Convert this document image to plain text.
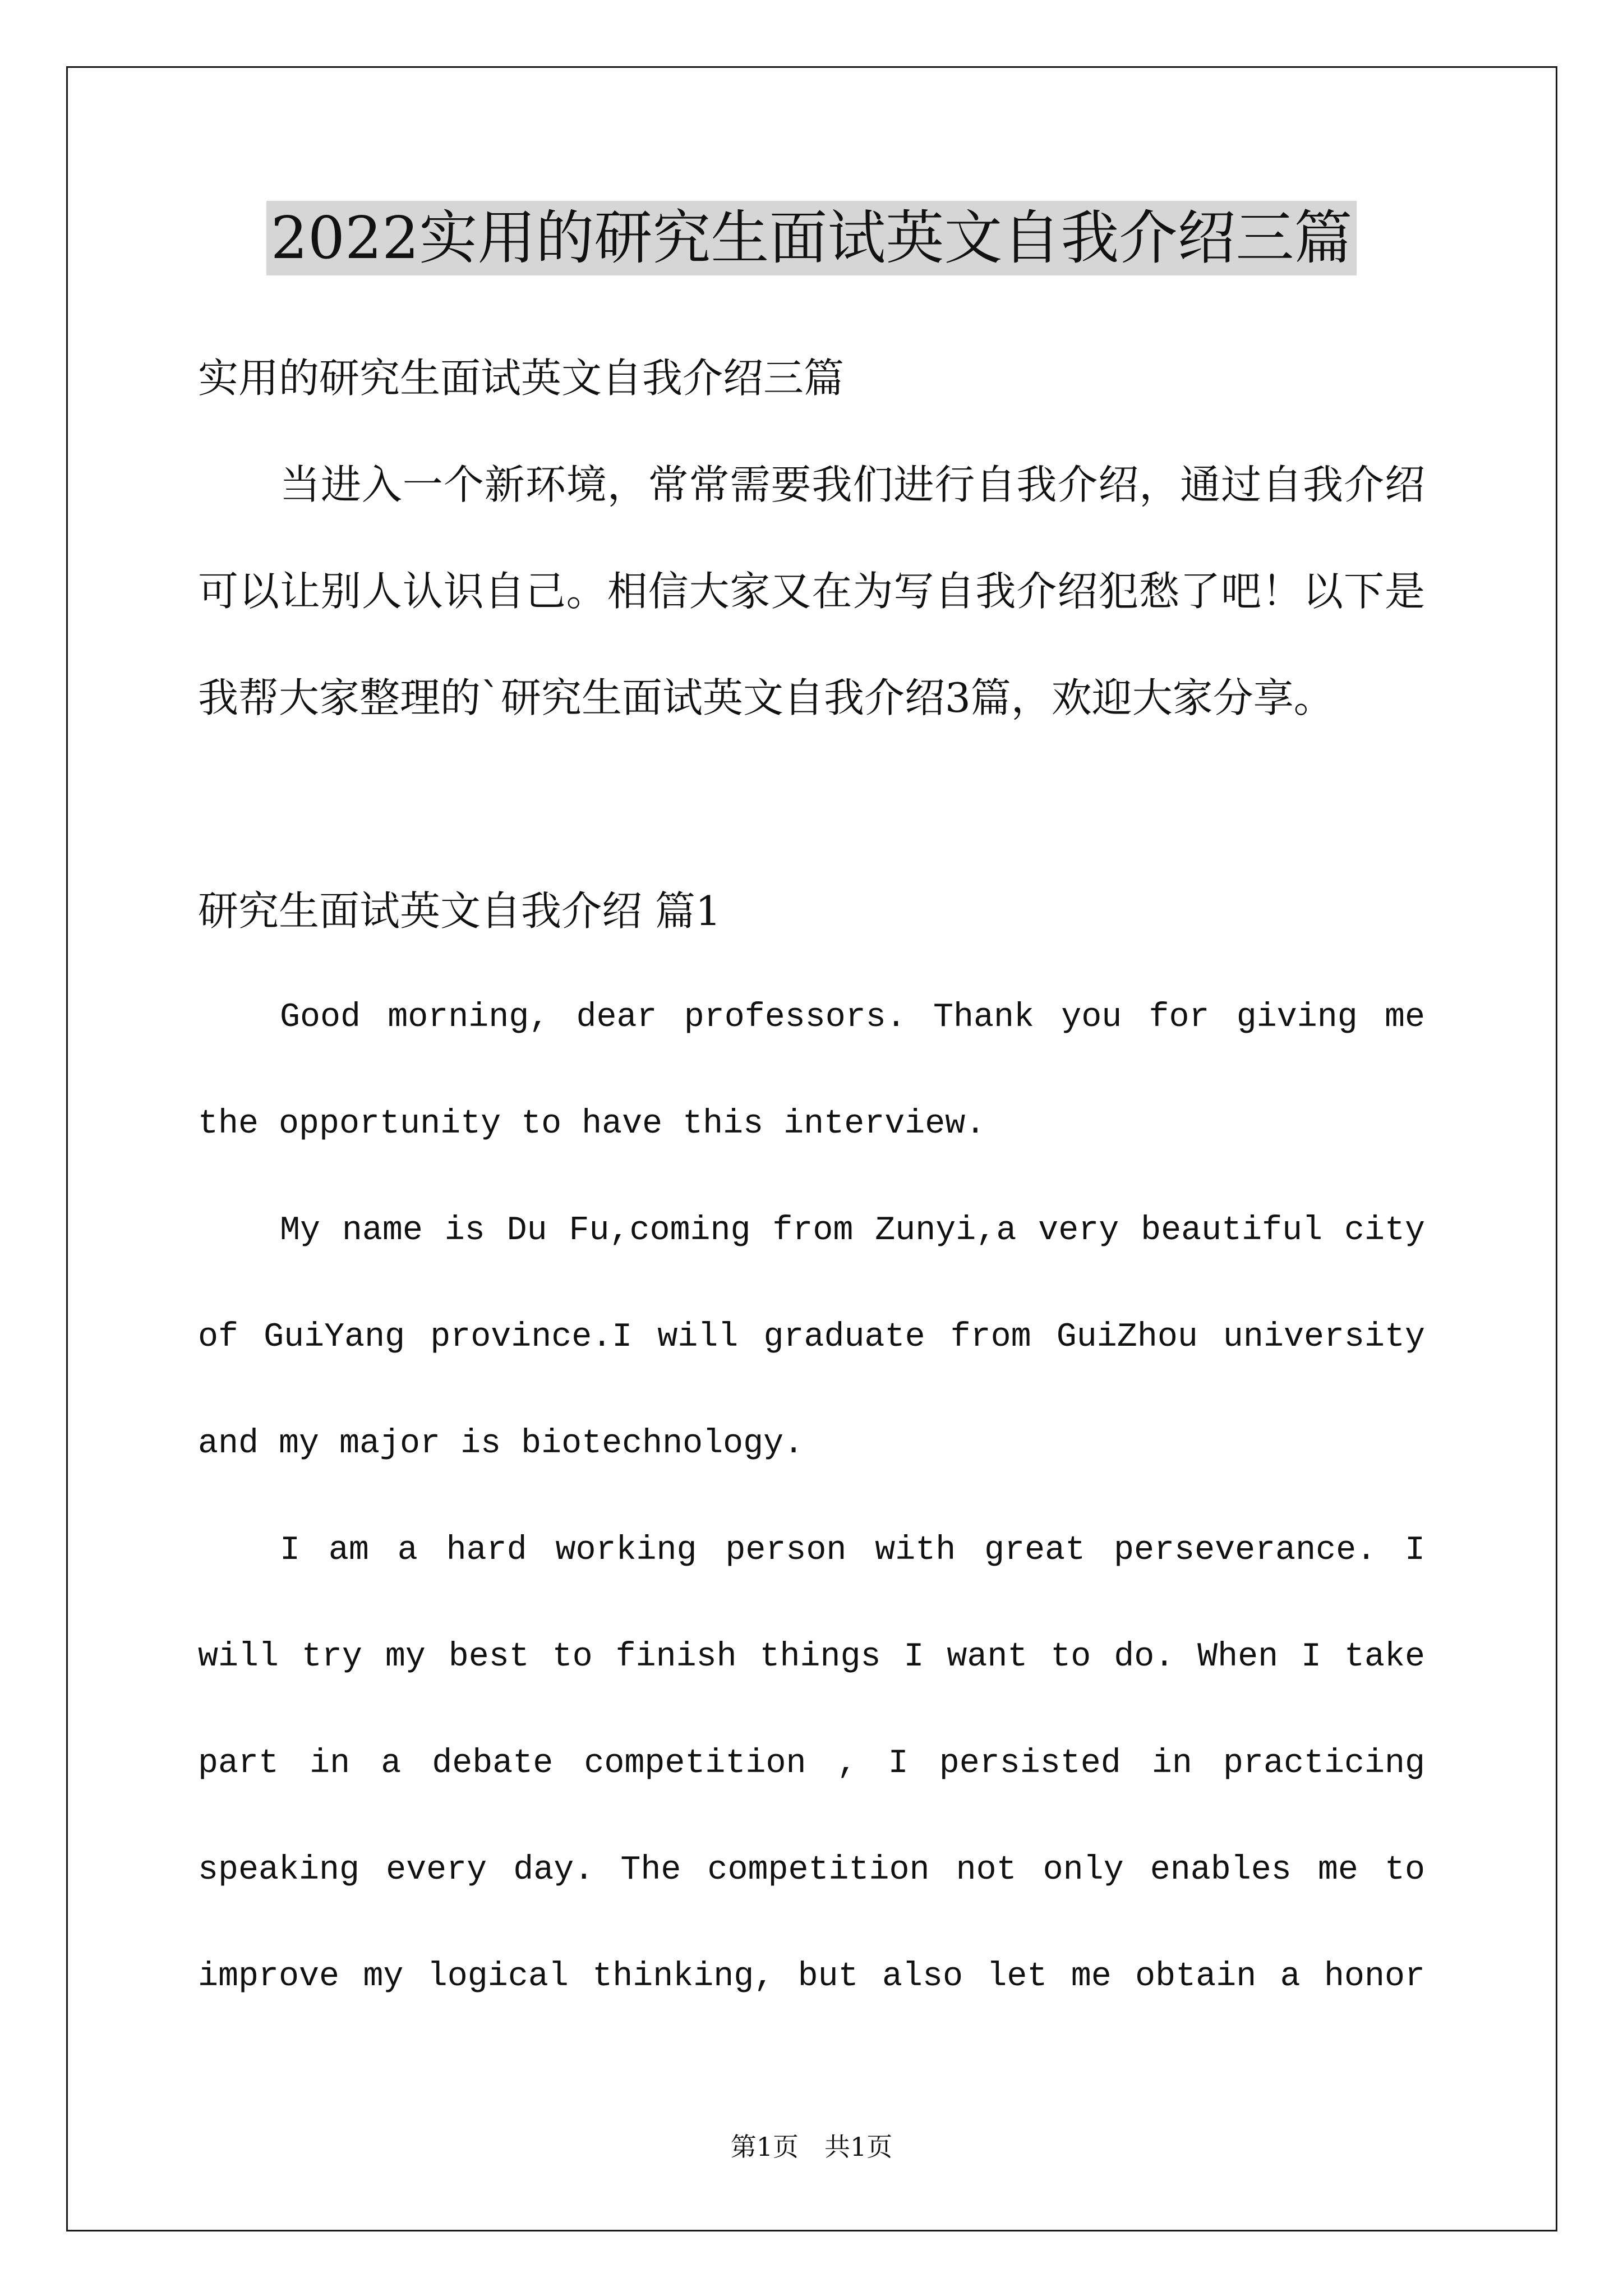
2022实用的研究生面试英文自我介绍三篇
实用的研究生面试英文自我介绍三篇
当进入一个新环境，常常需要我们进行自我介绍，通过自我介绍
可以让别人认识自己。相信大家又在为写自我介绍犯愁了吧！以下是
我帮大家整理的`研究生面试英文自我介绍3篇，欢迎大家分享。
研究生面试英文自我介绍 篇1
Good morning, dear professors. Thank you for giving me
the opportunity to have this interview.
My name is Du Fu,coming from Zunyi,a very beautiful city
of GuiYang province.I will graduate from GuiZhou university
and my major is biotechnology.
I am a hard working person with great perseverance. I
will try my best to finish things I want to do. When I take
part in a debate competition , I persisted in practicing
speaking every day. The competition not only enables me to
improve my logical thinking, but also let me obtain a honor
第1页 共1页
